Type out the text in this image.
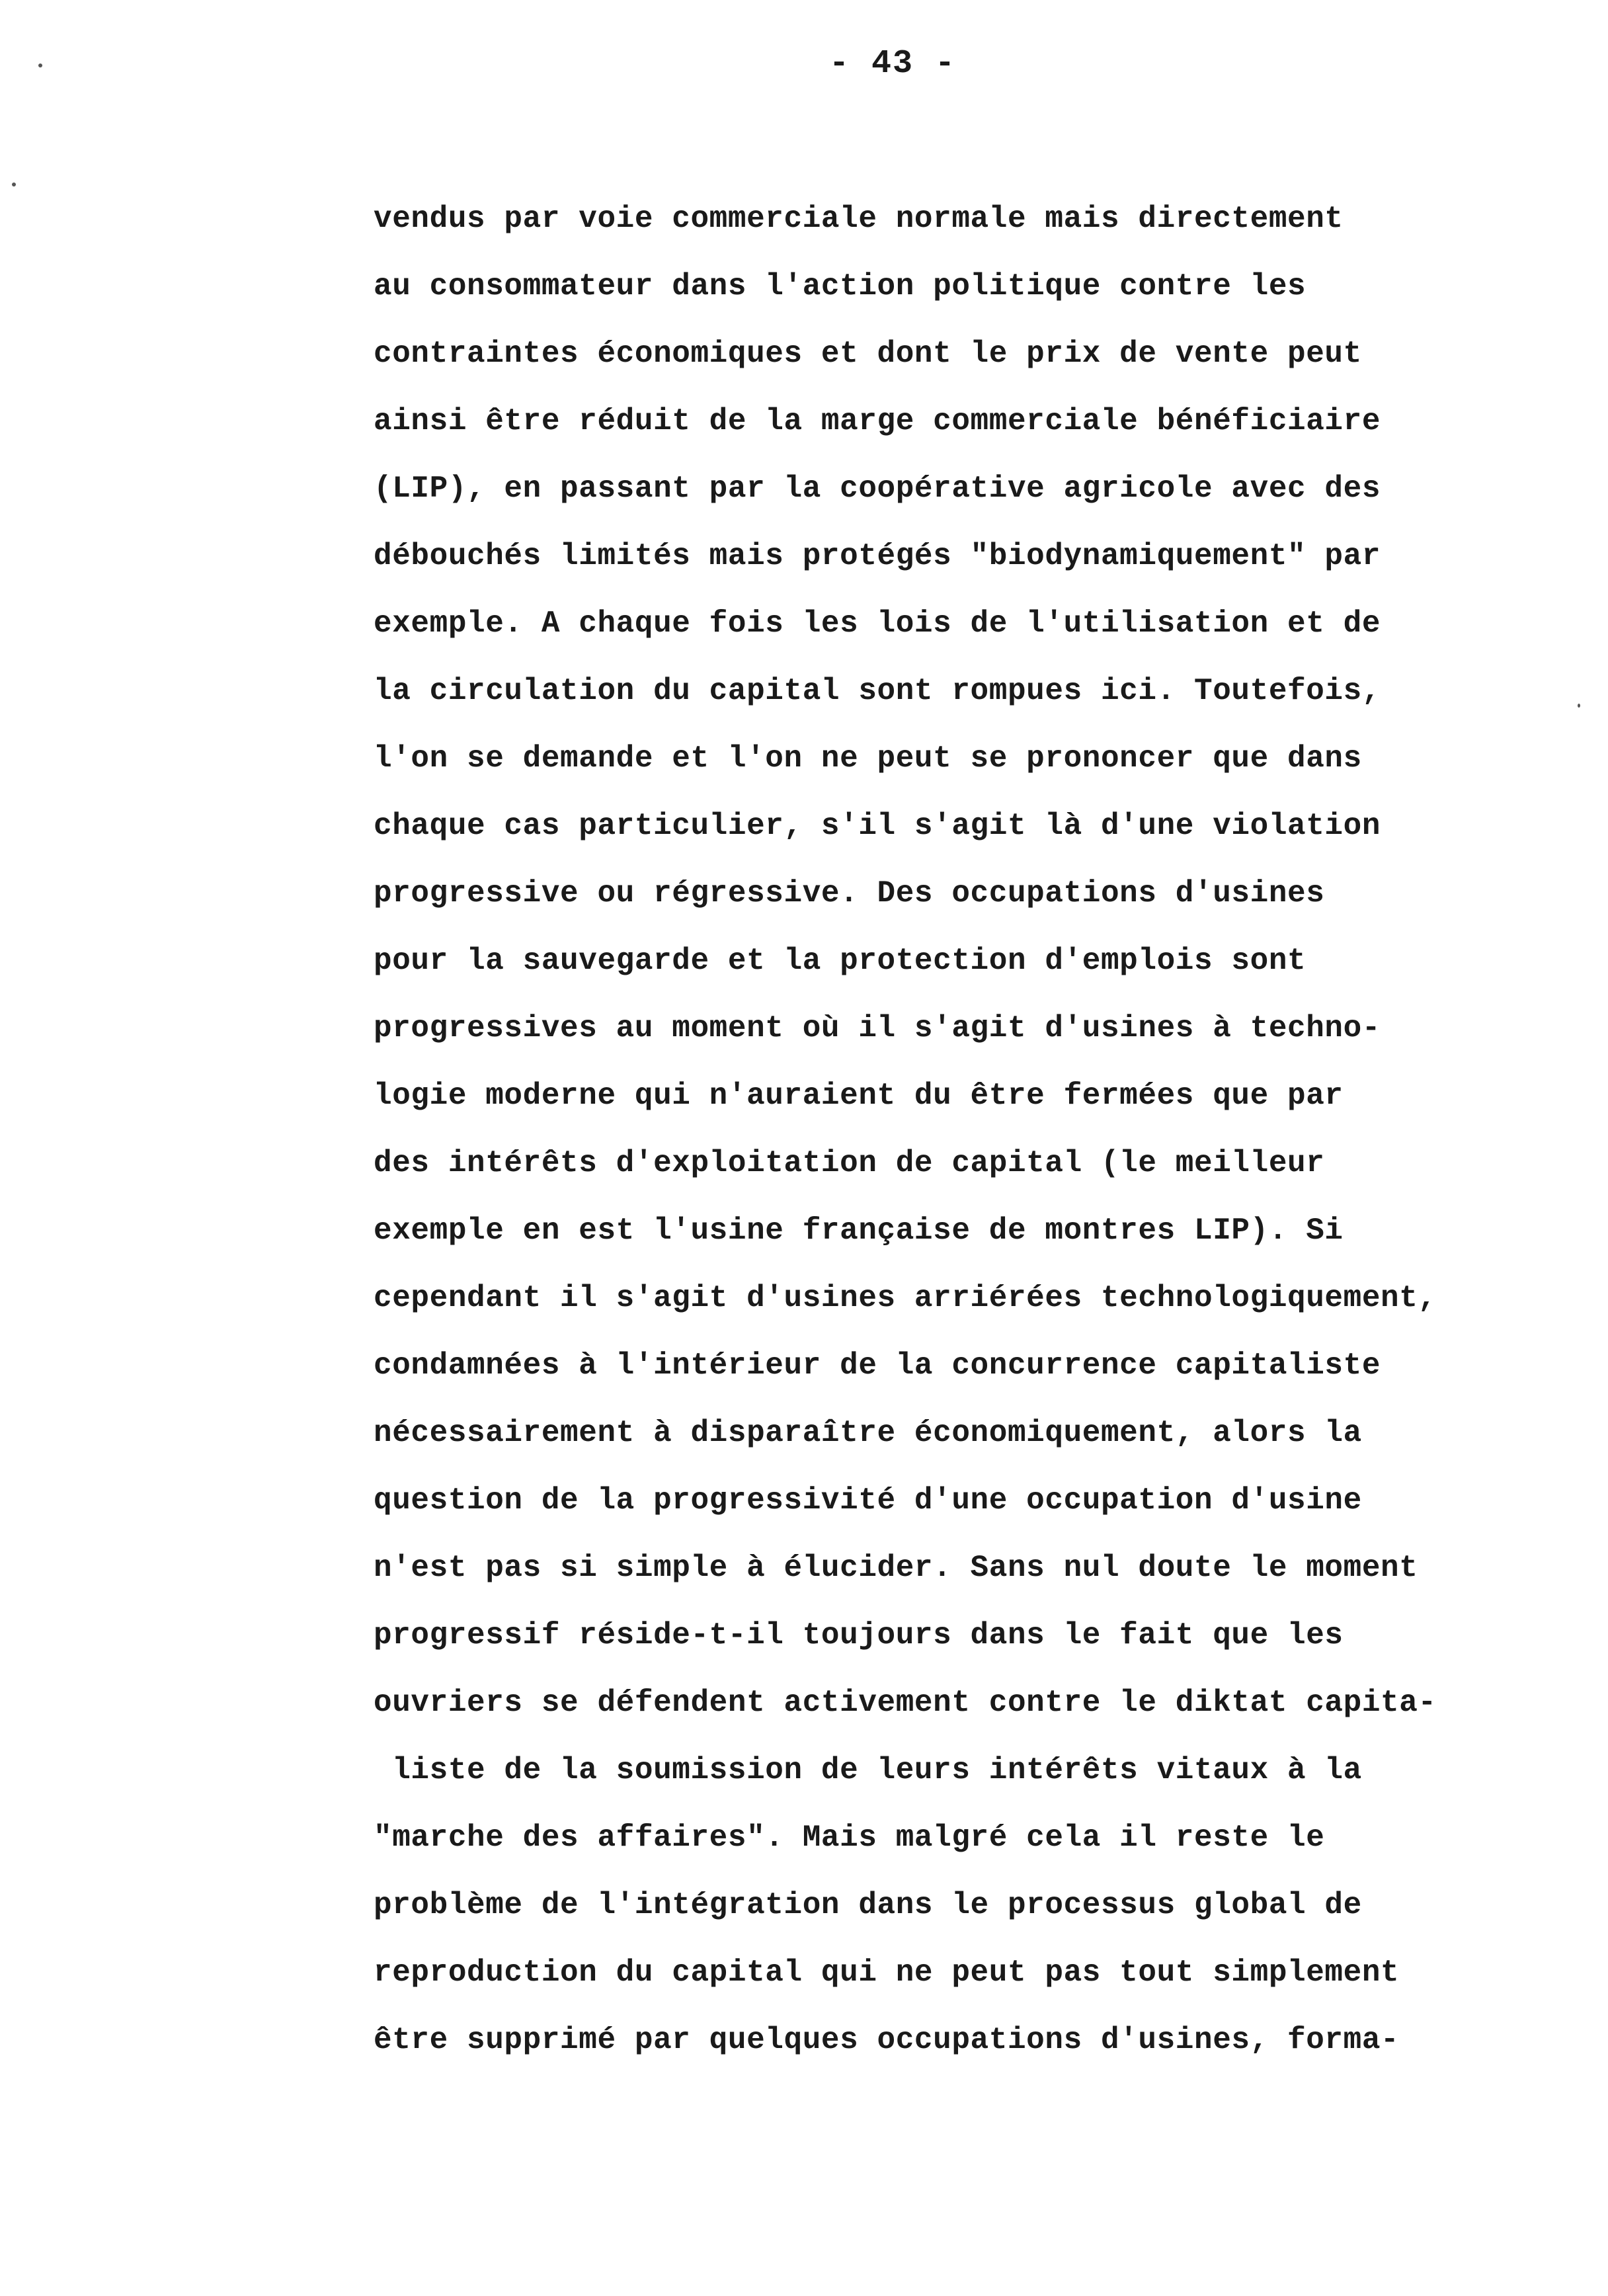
- 43 -
vendus par voie commerciale normale mais directement
au consommateur dans l'action politique contre les
contraintes économiques et dont le prix de vente peut
ainsi être réduit de la marge commerciale bénéficiaire
(LIP), en passant par la coopérative agricole avec des
débouchés limités mais protégés "biodynamiquement" par
exemple. A chaque fois les lois de l'utilisation et de
la circulation du capital sont rompues ici. Toutefois,
l'on se demande et l'on ne peut se prononcer que dans
chaque cas particulier, s'il s'agit là d'une violation
progressive ou régressive. Des occupations d'usines
pour la sauvegarde et la protection d'emplois sont
progressives au moment où il s'agit d'usines à techno-
logie moderne qui n'auraient du être fermées que par
des intérêts d'exploitation de capital (le meilleur
exemple en est l'usine française de montres LIP). Si
cependant il s'agit d'usines arriérées technologiquement,
condamnées à l'intérieur de la concurrence capitaliste
nécessairement à disparaître économiquement, alors la
question de la progressivité d'une occupation d'usine
n'est pas si simple à élucider. Sans nul doute le moment
progressif réside-t-il toujours dans le fait que les
ouvriers se défendent activement contre le diktat capita-
liste de la soumission de leurs intérêts vitaux à la
"marche des affaires". Mais malgré cela il reste le
problème de l'intégration dans le processus global de
reproduction du capital qui ne peut pas tout simplement
être supprimé par quelques occupations d'usines, forma-
